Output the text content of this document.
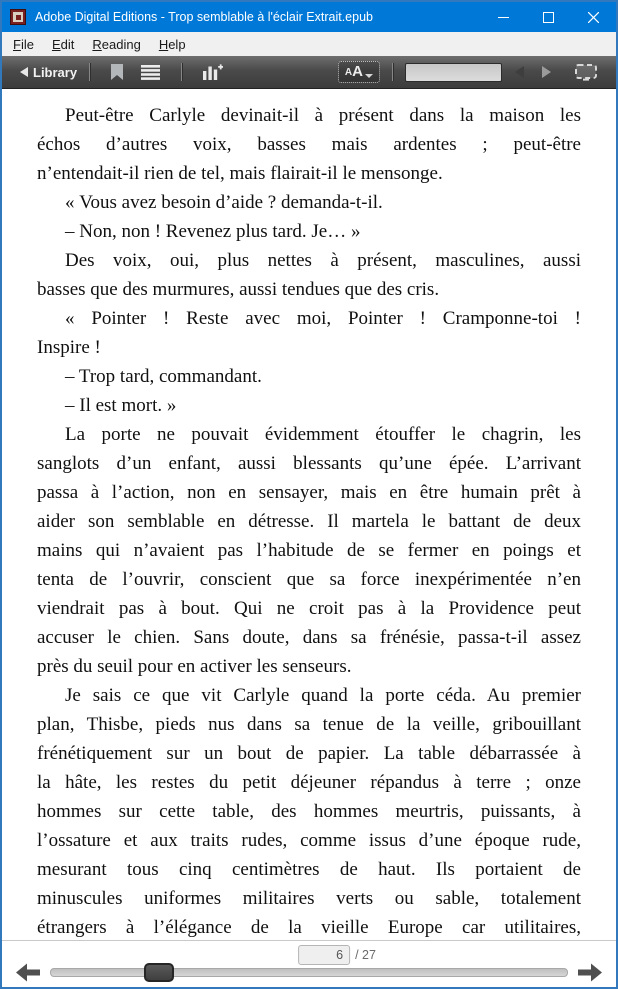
Adobe Digital Editions - Trop semblable à l'éclair Extrait.epub
File	Edit	Reading	Help
Library	A A
Peut-être Carlyle devinait-il à présent dans la maison les
échos d’autres voix, basses mais ardentes ; peut-être
n’entendait-il rien de tel, mais flairait-il le mensonge.
« Vous avez besoin d’aide ? demanda-t-il.
– Non, non ! Revenez plus tard. Je… »
Des voix, oui, plus nettes à présent, masculines, aussi
basses que des murmures, aussi tendues que des cris.
« Pointer ! Reste avec moi, Pointer ! Cramponne-toi !
Inspire !
– Trop tard, commandant.
– Il est mort. »
La porte ne pouvait évidemment étouffer le chagrin, les
sanglots d’un enfant, aussi blessants qu’une épée. L’arrivant
passa à l’action, non en sensayer, mais en être humain prêt à
aider son semblable en détresse. Il martela le battant de deux
mains qui n’avaient pas l’habitude de se fermer en poings et
tenta de l’ouvrir, conscient que sa force inexpérimentée n’en
viendrait pas à bout. Qui ne croit pas à la Providence peut
accuser le chien. Sans doute, dans sa frénésie, passa-t-il assez
près du seuil pour en activer les senseurs.
Je sais ce que vit Carlyle quand la porte céda. Au premier
plan, Thisbe, pieds nus dans sa tenue de la veille, gribouillant
frénétiquement sur un bout de papier. La table débarrassée à
la hâte, les restes du petit déjeuner répandus à terre ; onze
hommes sur cette table, des hommes meurtris, puissants, à
l’ossature et aux traits rudes, comme issus d’une époque rude,
mesurant tous cinq centimètres de haut. Ils portaient de
minuscules uniformes militaires verts ou sable, totalement
étrangers à l’élégance de la vieille Europe car utilitaires,
6
/ 27
